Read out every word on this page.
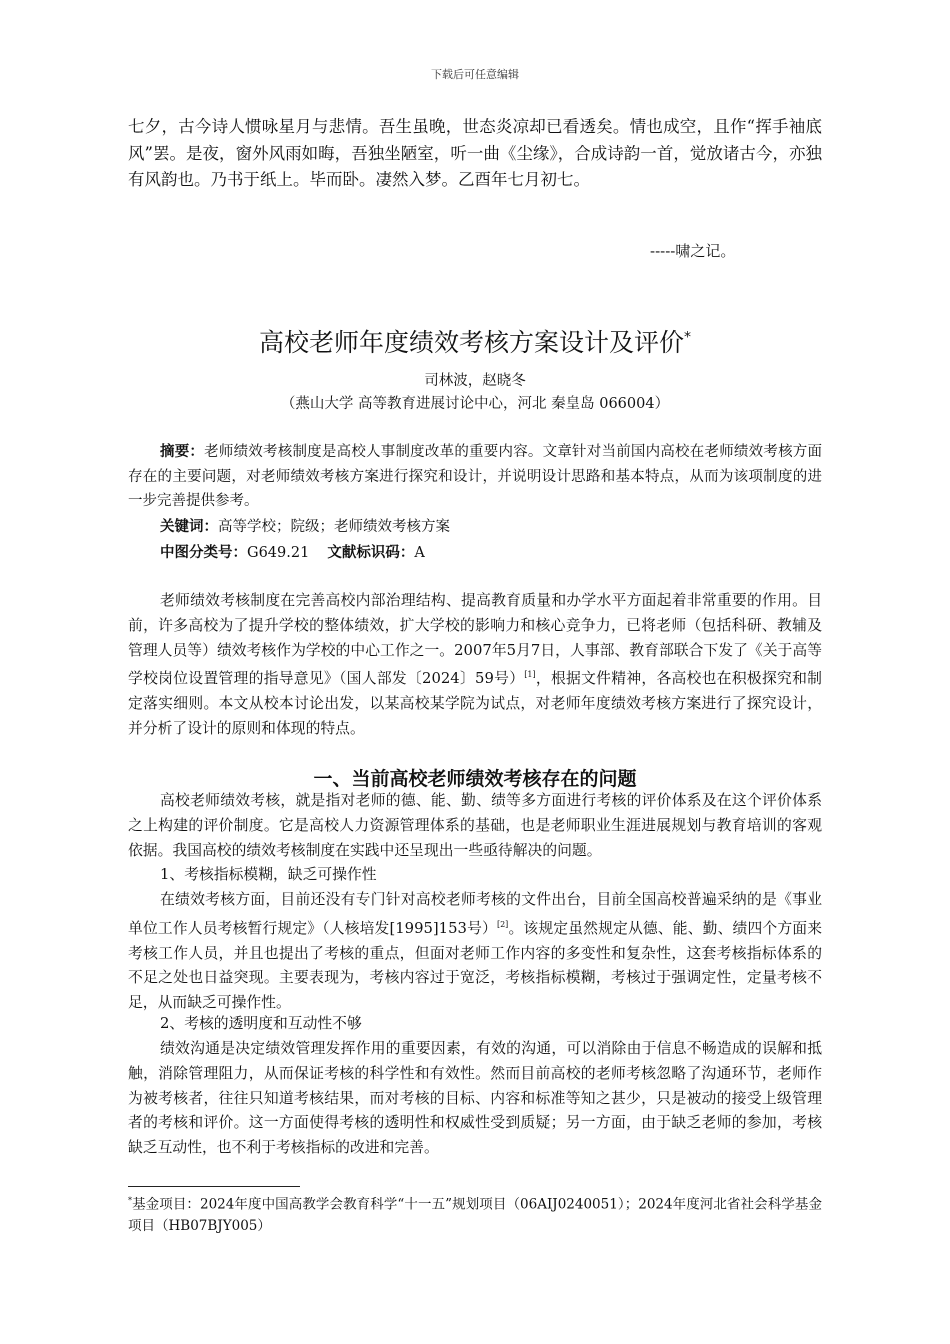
下载后可任意编辑

七夕，古今诗人惯咏星月与悲情。吾生虽晚，世态炎凉却已看透矣。情也成空，且作“挥手袖底风”罢。是夜，窗外风雨如晦，吾独坐陋室，听一曲《尘缘》，合成诗韵一首，觉放诸古今，亦独有风韵也。乃书于纸上。毕而卧。凄然入梦。乙酉年七月初七。

-----啸之记。
高校老师年度绩效考核方案设计及评价*
司林波，赵晓冬
（燕山大学 高等教育进展讨论中心，河北 秦皇岛 066004）

摘要：老师绩效考核制度是高校人事制度改革的重要内容。文章针对当前国内高校在老师绩效考核方面存在的主要问题，对老师绩效考核方案进行探究和设计，并说明设计思路和基本特点，从而为该项制度的进一步完善提供参考。

关键词：高等学校；院级；老师绩效考核方案
中图分类号：G649.21 文献标识码：A

老师绩效考核制度在完善高校内部治理结构、提高教育质量和办学水平方面起着非常重要的作用。目前，许多高校为了提升学校的整体绩效，扩大学校的影响力和核心竞争力，已将老师（包括科研、教辅及管理人员等）绩效考核作为学校的中心工作之一。2007年5月7日，人事部、教育部联合下发了《关于高等学校岗位设置管理的指导意见》（国人部发〔2024〕59号）[1]，根据文件精神，各高校也在积极探究和制定落实细则。本文从校本讨论出发，以某高校某学院为试点，对老师年度绩效考核方案进行了探究设计，并分析了设计的原则和体现的特点。

一、当前高校老师绩效考核存在的问题

高校老师绩效考核，就是指对老师的德、能、勤、绩等多方面进行考核的评价体系及在这个评价体系之上构建的评价制度。它是高校人力资源管理体系的基础，也是老师职业生涯进展规划与教育培训的客观依据。我国高校的绩效考核制度在实践中还呈现出一些亟待解决的问题。

1、考核指标模糊，缺乏可操作性

在绩效考核方面，目前还没有专门针对高校老师考核的文件出台，目前全国高校普遍采纳的是《事业单位工作人员考核暂行规定》（人核培发[1995]153号）[2]。该规定虽然规定从德、能、勤、绩四个方面来考核工作人员，并且也提出了考核的重点，但面对老师工作内容的多变性和复杂性，这套考核指标体系的不足之处也日益突现。主要表现为，考核内容过于宽泛，考核指标模糊，考核过于强调定性，定量考核不足，从而缺乏可操作性。

2、考核的透明度和互动性不够

绩效沟通是决定绩效管理发挥作用的重要因素，有效的沟通，可以消除由于信息不畅造成的误解和抵触，消除管理阻力，从而保证考核的科学性和有效性。然而目前高校的老师考核忽略了沟通环节，老师作为被考核者，往往只知道考核结果，而对考核的目标、内容和标准等知之甚少，只是被动的接受上级管理者的考核和评价。这一方面使得考核的透明性和权威性受到质疑；另一方面，由于缺乏老师的参加，考核缺乏互动性，也不利于考核指标的改进和完善。

*基金项目：2024年度中国高教学会教育科学“十一五”规划项目（06AIJ0240051）；2024年度河北省社会科学基金项目（HB07BJY005）
